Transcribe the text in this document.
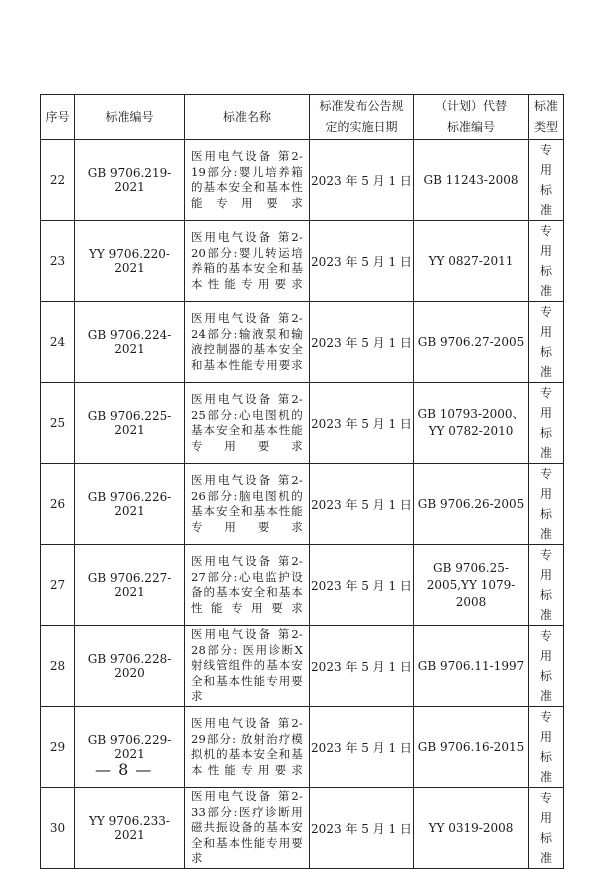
序号	标准编号	标准名称	标准发布公告规定的实施日期	（计划）代替标准编号	标准类型
22	GB 9706.219-2021	医用电气设备 第2-19部分:婴儿培养箱的基本安全和基本性能专用要求	2023 年 5 月 1 日	GB 11243-2008	专用标准
23	YY 9706.220-2021	医用电气设备 第2-20部分:婴儿转运培养箱的基本安全和基本性能专用要求	2023 年 5 月 1 日	YY 0827-2011	专用标准
24	GB 9706.224-2021	医用电气设备 第2-24部分:输液泵和输液控制器的基本安全和基本性能专用要求	2023 年 5 月 1 日	GB 9706.27-2005	专用标准
25	GB 9706.225-2021	医用电气设备 第2-25部分:心电图机的基本安全和基本性能专用要求	2023 年 5 月 1 日	GB 10793-2000、YY 0782-2010	专用标准
26	GB 9706.226-2021	医用电气设备 第2-26部分:脑电图机的基本安全和基本性能专用要求	2023 年 5 月 1 日	GB 9706.26-2005	专用标准
27	GB 9706.227-2021	医用电气设备 第2-27部分:心电监护设备的基本安全和基本性能专用要求	2023 年 5 月 1 日	GB 9706.25-2005,YY 1079-2008	专用标准
28	GB 9706.228-2020	医用电气设备 第2-28部分: 医用诊断X射线管组件的基本安全和基本性能专用要求	2023 年 5 月 1 日	GB 9706.11-1997	专用标准
29	GB 9706.229-2021	医用电气设备 第2-29部分: 放射治疗模拟机的基本安全和基本性能专用要求	2023 年 5 月 1 日	GB 9706.16-2015	专用标准
30	YY 9706.233-2021	医用电气设备 第2-33部分:医疗诊断用磁共振设备的基本安全和基本性能专用要求	2023 年 5 月 1 日	YY 0319-2008	专用标准
— 8 —
